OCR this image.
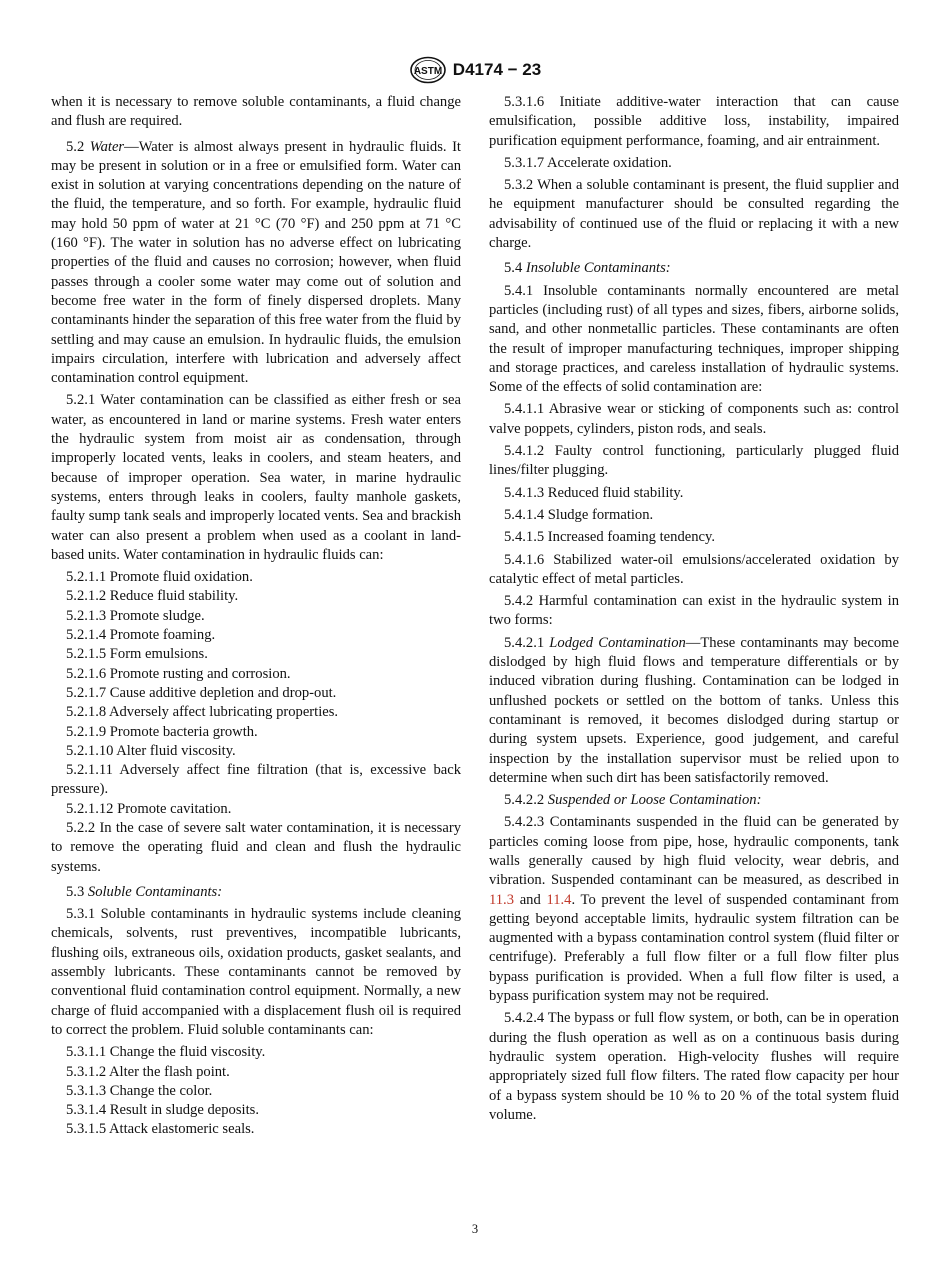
ASTM D4174 − 23

when it is necessary to remove soluble contaminants, a fluid change and flush are required.

5.2 Water—Water is almost always present in hydraulic fluids. It may be present in solution or in a free or emulsified form. Water can exist in solution at varying concentrations depending on the nature of the fluid, the temperature, and so forth. For example, hydraulic fluid may hold 50 ppm of water at 21 °C (70 °F) and 250 ppm at 71 °C (160 °F). The water in solution has no adverse effect on lubricating properties of the fluid and causes no corrosion; however, when fluid passes through a cooler some water may come out of solution and become free water in the form of finely dispersed droplets. Many contaminants hinder the separation of this free water from the fluid by settling and may cause an emulsion. In hydraulic fluids, the emulsion impairs circulation, interfere with lubrication and adversely affect contamination control equipment.

5.2.1 Water contamination can be classified as either fresh or sea water, as encountered in land or marine systems. Fresh water enters the hydraulic system from moist air as condensation, through improperly located vents, leaks in coolers, and steam heaters, and because of improper operation. Sea water, in marine hydraulic systems, enters through leaks in coolers, faulty manhole gaskets, faulty sump tank seals and improperly located vents. Sea and brackish water can also present a problem when used as a coolant in land-based units. Water contamination in hydraulic fluids can:

5.2.1.1 Promote fluid oxidation.

5.2.1.2 Reduce fluid stability.

5.2.1.3 Promote sludge.

5.2.1.4 Promote foaming.

5.2.1.5 Form emulsions.

5.2.1.6 Promote rusting and corrosion.

5.2.1.7 Cause additive depletion and drop-out.

5.2.1.8 Adversely affect lubricating properties.

5.2.1.9 Promote bacteria growth.

5.2.1.10 Alter fluid viscosity.

5.2.1.11 Adversely affect fine filtration (that is, excessive back pressure).

5.2.1.12 Promote cavitation.

5.2.2 In the case of severe salt water contamination, it is necessary to remove the operating fluid and clean and flush the hydraulic systems.

5.3 Soluble Contaminants:

5.3.1 Soluble contaminants in hydraulic systems include cleaning chemicals, solvents, rust preventives, incompatible lubricants, flushing oils, extraneous oils, oxidation products, gasket sealants, and assembly lubricants. These contaminants cannot be removed by conventional fluid contamination control equipment. Normally, a new charge of fluid accompanied with a displacement flush oil is required to correct the problem. Fluid soluble contaminants can:

5.3.1.1 Change the fluid viscosity.

5.3.1.2 Alter the flash point.

5.3.1.3 Change the color.

5.3.1.4 Result in sludge deposits.

5.3.1.5 Attack elastomeric seals.

5.3.1.6 Initiate additive-water interaction that can cause emulsification, possible additive loss, instability, impaired purification equipment performance, foaming, and air entrainment.

5.3.1.7 Accelerate oxidation.

5.3.2 When a soluble contaminant is present, the fluid supplier and he equipment manufacturer should be consulted regarding the advisability of continued use of the fluid or replacing it with a new charge.

5.4 Insoluble Contaminants:

5.4.1 Insoluble contaminants normally encountered are metal particles (including rust) of all types and sizes, fibers, airborne solids, sand, and other nonmetallic particles. These contaminants are often the result of improper manufacturing techniques, improper shipping and storage practices, and careless installation of hydraulic systems. Some of the effects of solid contamination are:

5.4.1.1 Abrasive wear or sticking of components such as: control valve poppets, cylinders, piston rods, and seals.

5.4.1.2 Faulty control functioning, particularly plugged fluid lines/filter plugging.

5.4.1.3 Reduced fluid stability.

5.4.1.4 Sludge formation.

5.4.1.5 Increased foaming tendency.

5.4.1.6 Stabilized water-oil emulsions/accelerated oxidation by catalytic effect of metal particles.

5.4.2 Harmful contamination can exist in the hydraulic system in two forms:

5.4.2.1 Lodged Contamination—These contaminants may become dislodged by high fluid flows and temperature differentials or by induced vibration during flushing. Contamination can be lodged in unflushed pockets or settled on the bottom of tanks. Unless this contaminant is removed, it becomes dislodged during startup or during system upsets. Experience, good judgement, and careful inspection by the installation supervisor must be relied upon to determine when such dirt has been satisfactorily removed.

5.4.2.2 Suspended or Loose Contamination:

5.4.2.3 Contaminants suspended in the fluid can be generated by particles coming loose from pipe, hose, hydraulic components, tank walls generally caused by high fluid velocity, wear debris, and vibration. Suspended contaminant can be measured, as described in 11.3 and 11.4. To prevent the level of suspended contaminant from getting beyond acceptable limits, hydraulic system filtration can be augmented with a bypass contamination control system (fluid filter or centrifuge). Preferably a full flow filter or a full flow filter plus bypass purification is provided. When a full flow filter is used, a bypass purification system may not be required.

5.4.2.4 The bypass or full flow system, or both, can be in operation during the flush operation as well as on a continuous basis during hydraulic system operation. High-velocity flushes will require appropriately sized full flow filters. The rated flow capacity per hour of a bypass system should be 10 % to 20 % of the total system fluid volume.

3
